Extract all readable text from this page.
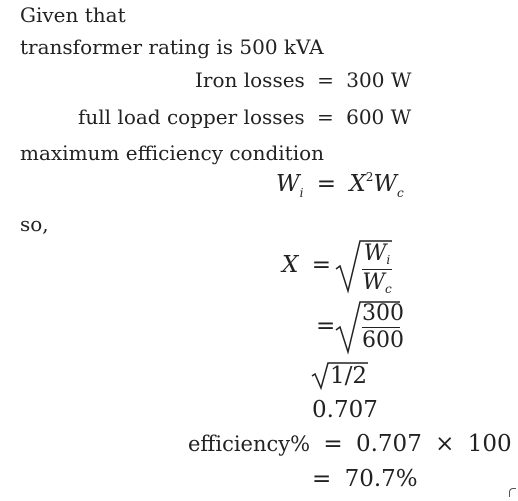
Given that
transformer rating is 500 kVA
Iron losses = 300 W
full load copper losses = 600 W
maximum efficiency condition
$W_i = X^2W_c$
so,
X = Wi
Wc
= 300
600
1/2
0.707
efficiency% = 0.707 × 100
= 70.7%
